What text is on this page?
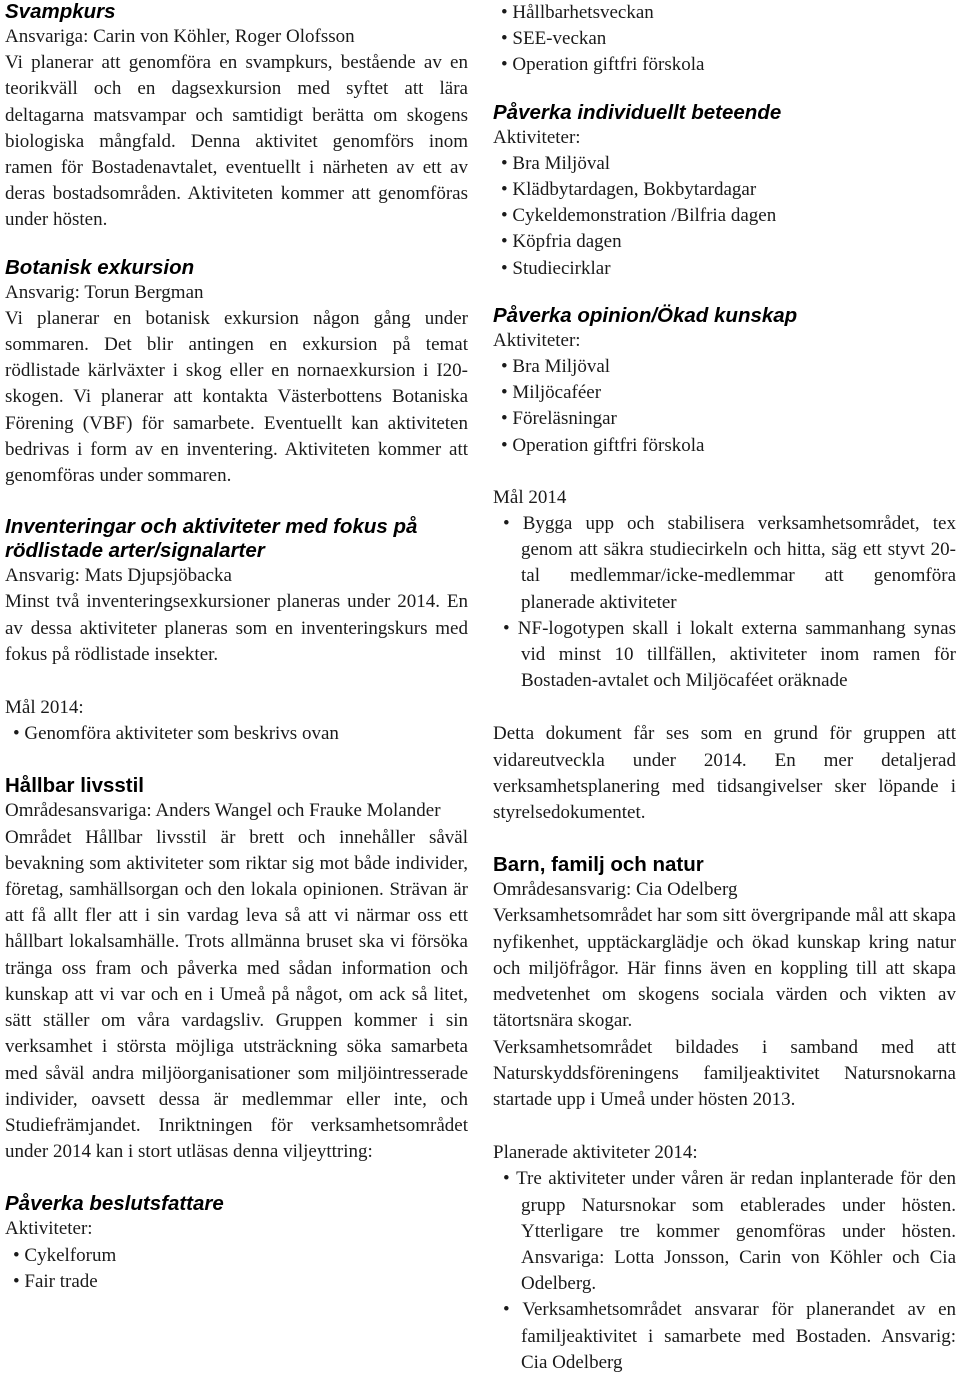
Svampkurs

Ansvariga: Carin von Köhler, Roger Olofsson

Vi planerar att genomföra en svampkurs, bestående av en teorikväll och en dagsexkursion med syftet att lära deltagarna matsvampar och samtidigt berätta om skogens biologiska mångfald. Denna aktivitet genomförs inom ramen för Bostadenavtalet, eventuellt i närheten av ett av deras bostadsområden. Aktiviteten kommer att genomföras under hösten.

Botanisk exkursion

Ansvarig: Torun Bergman

Vi planerar en botanisk exkursion någon gång under sommaren. Det blir antingen en exkursion på temat rödlistade kärlväxter i skog eller en nornaexkursion i I20-skogen. Vi planerar att kontakta Västerbottens Botaniska Förening (VBF) för samarbete. Eventuellt kan aktiviteten bedrivas i form av en inventering. Aktiviteten kommer att genomföras under sommaren.

Inventeringar och aktiviteter med fokus på rödlistade arter/signalarter

Ansvarig: Mats Djupsjöbacka

Minst två inventeringsexkursioner planeras under 2014. En av dessa aktiviteter planeras som en inventeringskurs med fokus på rödlistade insekter.

Mål 2014:

• Genomföra aktiviteter som beskrivs ovan
Hållbar livsstil

Områdesansvariga: Anders Wangel och Frauke Molander

Området Hållbar livsstil är brett och innehåller såväl bevakning som aktiviteter som riktar sig mot både individer, företag, samhällsorgan och den lokala opinionen. Strävan är att få allt fler att i sin vardag leva så att vi närmar oss ett hållbart lokalsamhälle. Trots allmänna bruset ska vi försöka tränga oss fram och påverka med sådan information och kunskap att vi var och en i Umeå på något, om ack så litet, sätt ställer om våra vardagsliv. Gruppen kommer i sin verksamhet i största möjliga utsträckning söka samarbeta med såväl andra miljöorganisationer som miljöintresserade individer, oavsett dessa är medlemmar eller inte, och Studiefrämjandet. Inriktningen för verksamhetsområdet under 2014 kan i stort utläsas denna viljeyttring:

Påverka beslutsfattare

Aktiviteter:

• Cykelforum
• Fair trade
• Hållbarhetsveckan
• SEE-veckan
• Operation giftfri förskola
Påverka individuellt beteende

Aktiviteter:

• Bra Miljöval
• Klädbytardagen, Bokbytardagar
• Cykeldemonstration /Bilfria dagen
• Köpfria dagen
• Studiecirklar
Påverka opinion/Ökad kunskap

Aktiviteter:

• Bra Miljöval
• Miljöcaféer
• Föreläsningar
• Operation giftfri förskola

Mål 2014

• Bygga upp och stabilisera verksamhetsområdet, tex genom att säkra studiecirkeln och hitta, säg ett styvt 20-tal medlemmar/icke-medlemmar att genomföra planerade aktiviteter
• NF-logotypen skall i lokalt externa sammanhang synas vid minst 10 tillfällen, aktiviteter inom ramen för Bostaden-avtalet och Miljöcaféet oräknade

Detta dokument får ses som en grund för gruppen att vidareutveckla under 2014. En mer detaljerad verksamhetsplanering med tidsangivelser sker löpande i styrelsedokumentet.

Barn, familj och natur

Områdesansvarig: Cia Odelberg

Verksamhetsområdet har som sitt övergripande mål att skapa nyfikenhet, upptäckarglädje och ökad kunskap kring natur och miljöfrågor. Här finns även en koppling till att skapa medvetenhet om skogens sociala värden och vikten av tätortsnära skogar.

Verksamhetsområdet bildades i samband med att Naturskyddsföreningens familjeaktivitet Natursnokarna startade upp i Umeå under hösten 2013.

Planerade aktiviteter 2014:

• Tre aktiviteter under våren är redan inplanterade för den grupp Natursnokar som etablerades under hösten. Ytterligare tre kommer genomföras under hösten. Ansvariga: Lotta Jonsson, Carin von Köhler och Cia Odelberg.
• Verksamhetsområdet ansvarar för planerandet av en familjeaktivitet i samarbete med Bostaden. Ansvarig: Cia Odelberg
